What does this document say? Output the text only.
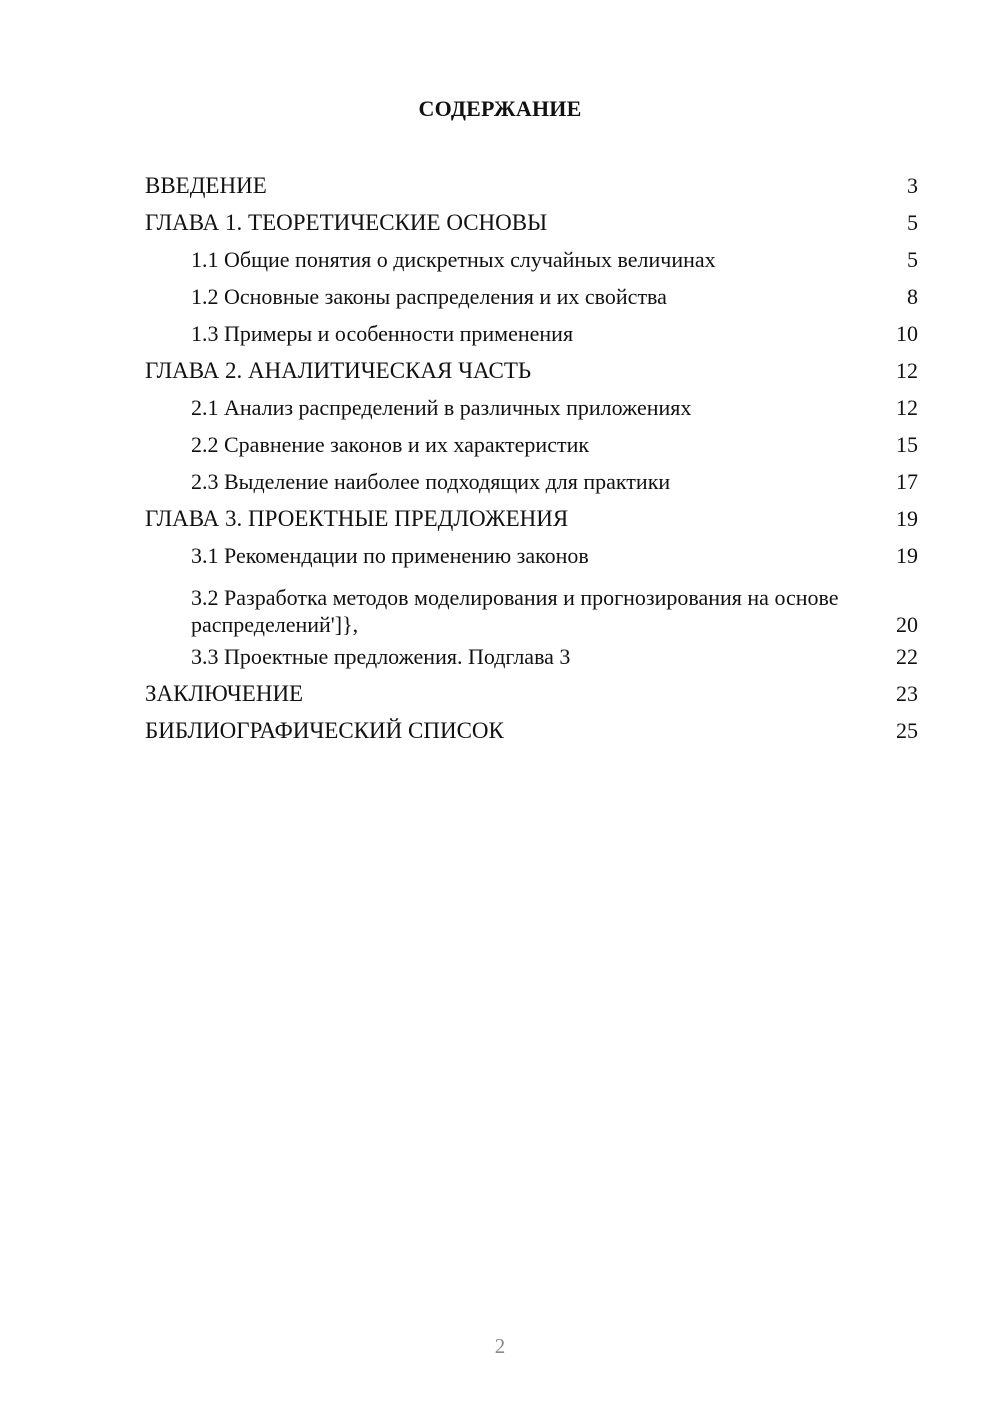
СОДЕРЖАНИЕ
ВВЕДЕНИЕ	3
ГЛАВА 1. ТЕОРЕТИЧЕСКИЕ ОСНОВЫ	5
1.1 Общие понятия о дискретных случайных величинах	5
1.2 Основные законы распределения и их свойства	8
1.3 Примеры и особенности применения	10
ГЛАВА 2. АНАЛИТИЧЕСКАЯ ЧАСТЬ	12
2.1 Анализ распределений в различных приложениях	12
2.2 Сравнение законов и их характеристик	15
2.3 Выделение наиболее подходящих для практики	17
ГЛАВА 3. ПРОЕКТНЫЕ ПРЕДЛОЖЕНИЯ	19
3.1 Рекомендации по применению законов	19
3.2 Разработка методов моделирования и прогнозирования на основе распределений']},	20
3.3 Проектные предложения. Подглава 3	22
ЗАКЛЮЧЕНИЕ	23
БИБЛИОГРАФИЧЕСКИЙ СПИСОК	25
2
